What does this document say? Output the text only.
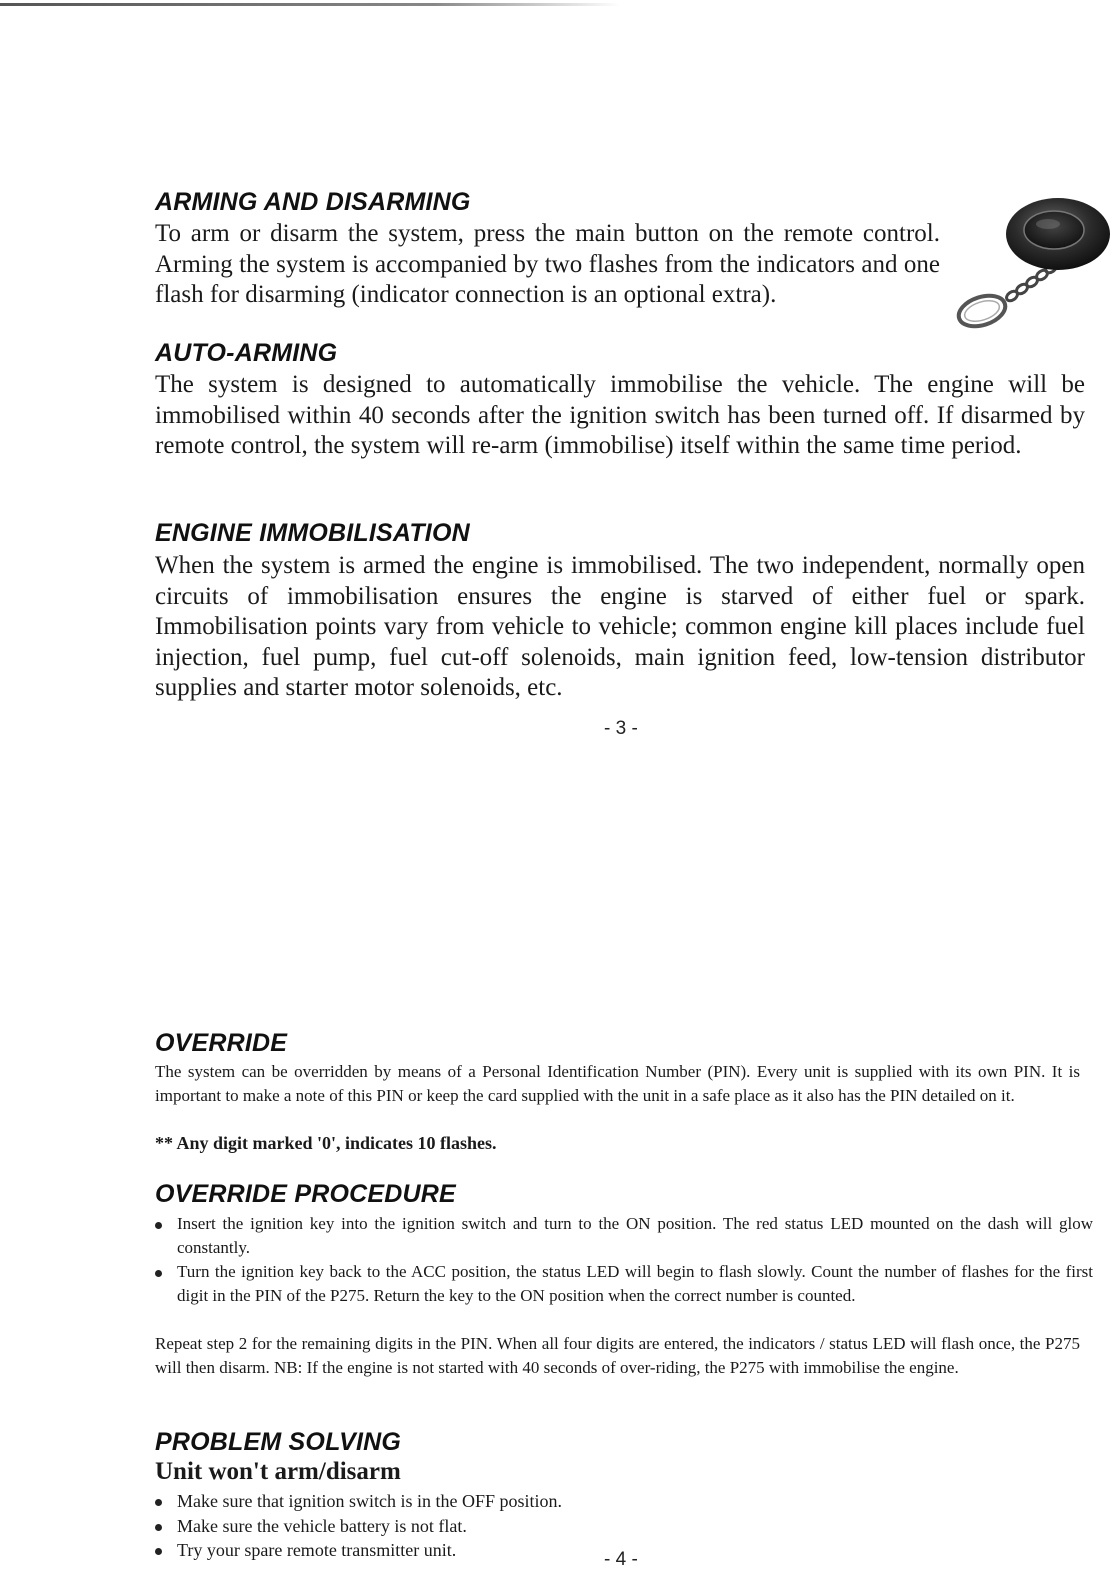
ARMING AND DISARMING

To arm or disarm the system, press the main button on the remote control. Arming the system is accompanied by two flashes from the indicators and one flash for disarming (indicator connection is an optional extra).

AUTO-ARMING

The system is designed to automatically immobilise the vehicle. The engine will be immobilised within 40 seconds after the ignition switch has been turned off. If disarmed by remote control, the system will re-arm (immobilise) itself within the same time period.

ENGINE IMMOBILISATION

When the system is armed the engine is immobilised. The two independent, normally open circuits of immobilisation ensures the engine is starved of either fuel or spark. Immobilisation points vary from vehicle to vehicle; common engine kill places include fuel injection, fuel pump, fuel cut-off solenoids, main ignition feed, low-tension distributor supplies and starter motor solenoids, etc.

- 3 -
OVERRIDE

The system can be overridden by means of a Personal Identification Number (PIN). Every unit is supplied with its own PIN. It is important to make a note of this PIN or keep the card supplied with the unit in a safe place as it also has the PIN detailed on it.

** Any digit marked '0', indicates 10 flashes.

OVERRIDE PROCEDURE
Insert the ignition key into the ignition switch and turn to the ON position. The red status LED mounted on the dash will glow constantly.
Turn the ignition key back to the ACC position, the status LED will begin to flash slowly. Count the number of flashes for the first digit in the PIN of the P275. Return the key to the ON position when the correct number is counted.

Repeat step 2 for the remaining digits in the PIN. When all four digits are entered, the indicators / status LED will flash once, the P275 will then disarm. NB: If the engine is not started with 40 seconds of over-riding, the P275 with immobilise the engine.

PROBLEM SOLVING
Unit won't arm/disarm
Make sure that ignition switch is in the OFF position.
Make sure the vehicle battery is not flat.
Try your spare remote transmitter unit.	- 4 -
